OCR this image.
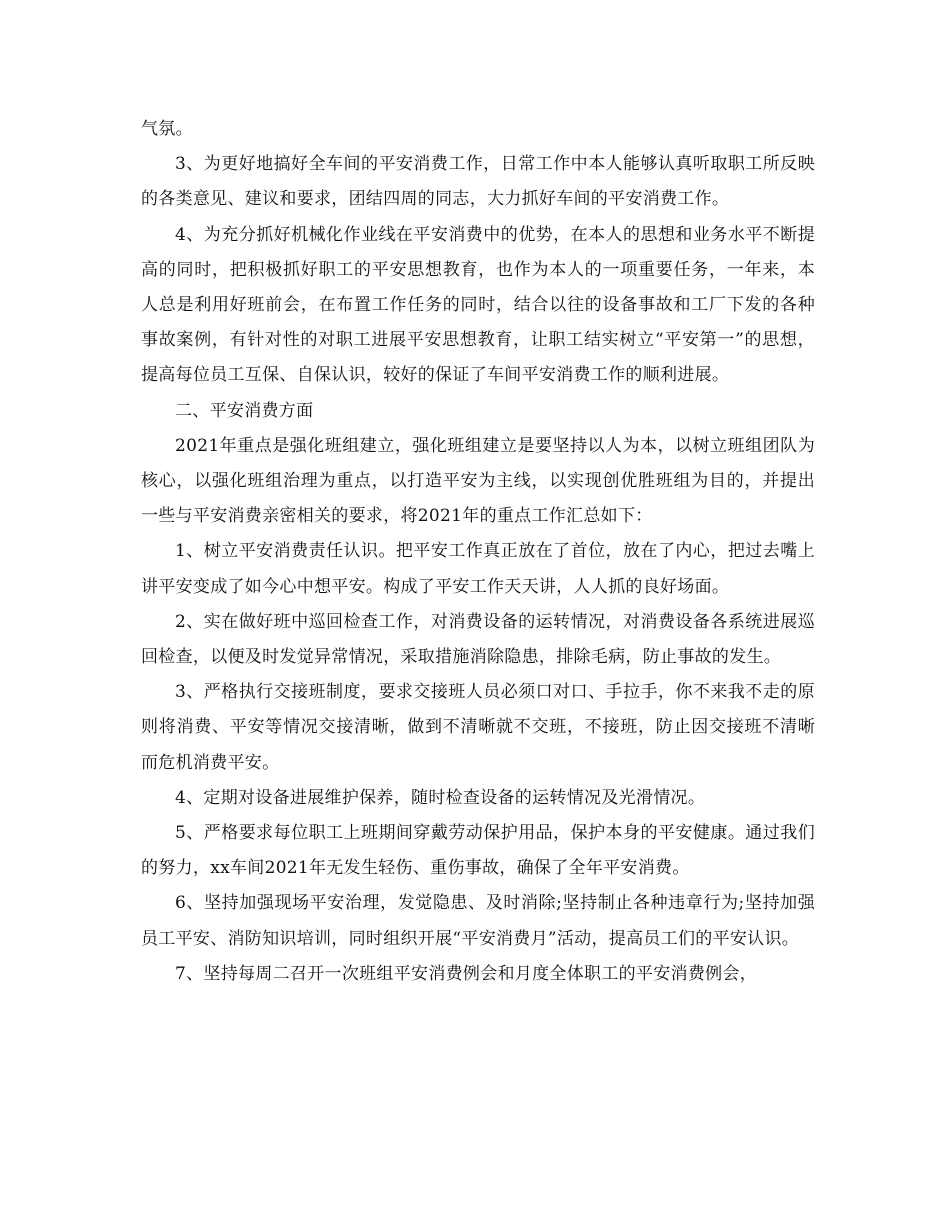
气氛。

3、为更好地搞好全车间的平安消费工作，日常工作中本人能够认真听取职工所反映的各类意见、建议和要求，团结四周的同志，大力抓好车间的平安消费工作。

4、为充分抓好机械化作业线在平安消费中的优势，在本人的思想和业务水平不断提高的同时，把积极抓好职工的平安思想教育，也作为本人的一项重要任务，一年来，本人总是利用好班前会，在布置工作任务的同时，结合以往的设备事故和工厂下发的各种事故案例，有针对性的对职工进展平安思想教育，让职工结实树立“平安第一”的思想，提高每位员工互保、自保认识，较好的保证了车间平安消费工作的顺利进展。

二、平安消费方面

2021年重点是强化班组建立，强化班组建立是要坚持以人为本，以树立班组团队为核心，以强化班组治理为重点，以打造平安为主线，以实现创优胜班组为目的，并提出一些与平安消费亲密相关的要求，将2021年的重点工作汇总如下：

1、树立平安消费责任认识。把平安工作真正放在了首位，放在了内心，把过去嘴上讲平安变成了如今心中想平安。构成了平安工作天天讲，人人抓的良好场面。

2、实在做好班中巡回检查工作，对消费设备的运转情况，对消费设备各系统进展巡回检查，以便及时发觉异常情况，采取措施消除隐患，排除毛病，防止事故的发生。

3、严格执行交接班制度，要求交接班人员必须口对口、手拉手，你不来我不走的原则将消费、平安等情况交接清晰，做到不清晰就不交班，不接班，防止因交接班不清晰而危机消费平安。

4、定期对设备进展维护保养，随时检查设备的运转情况及光滑情况。

5、严格要求每位职工上班期间穿戴劳动保护用品，保护本身的平安健康。通过我们的努力，xx车间2021年无发生轻伤、重伤事故，确保了全年平安消费。

6、坚持加强现场平安治理，发觉隐患、及时消除;坚持制止各种违章行为;坚持加强员工平安、消防知识培训，同时组织开展“平安消费月”活动，提高员工们的平安认识。

7、坚持每周二召开一次班组平安消费例会和月度全体职工的平安消费例会，
